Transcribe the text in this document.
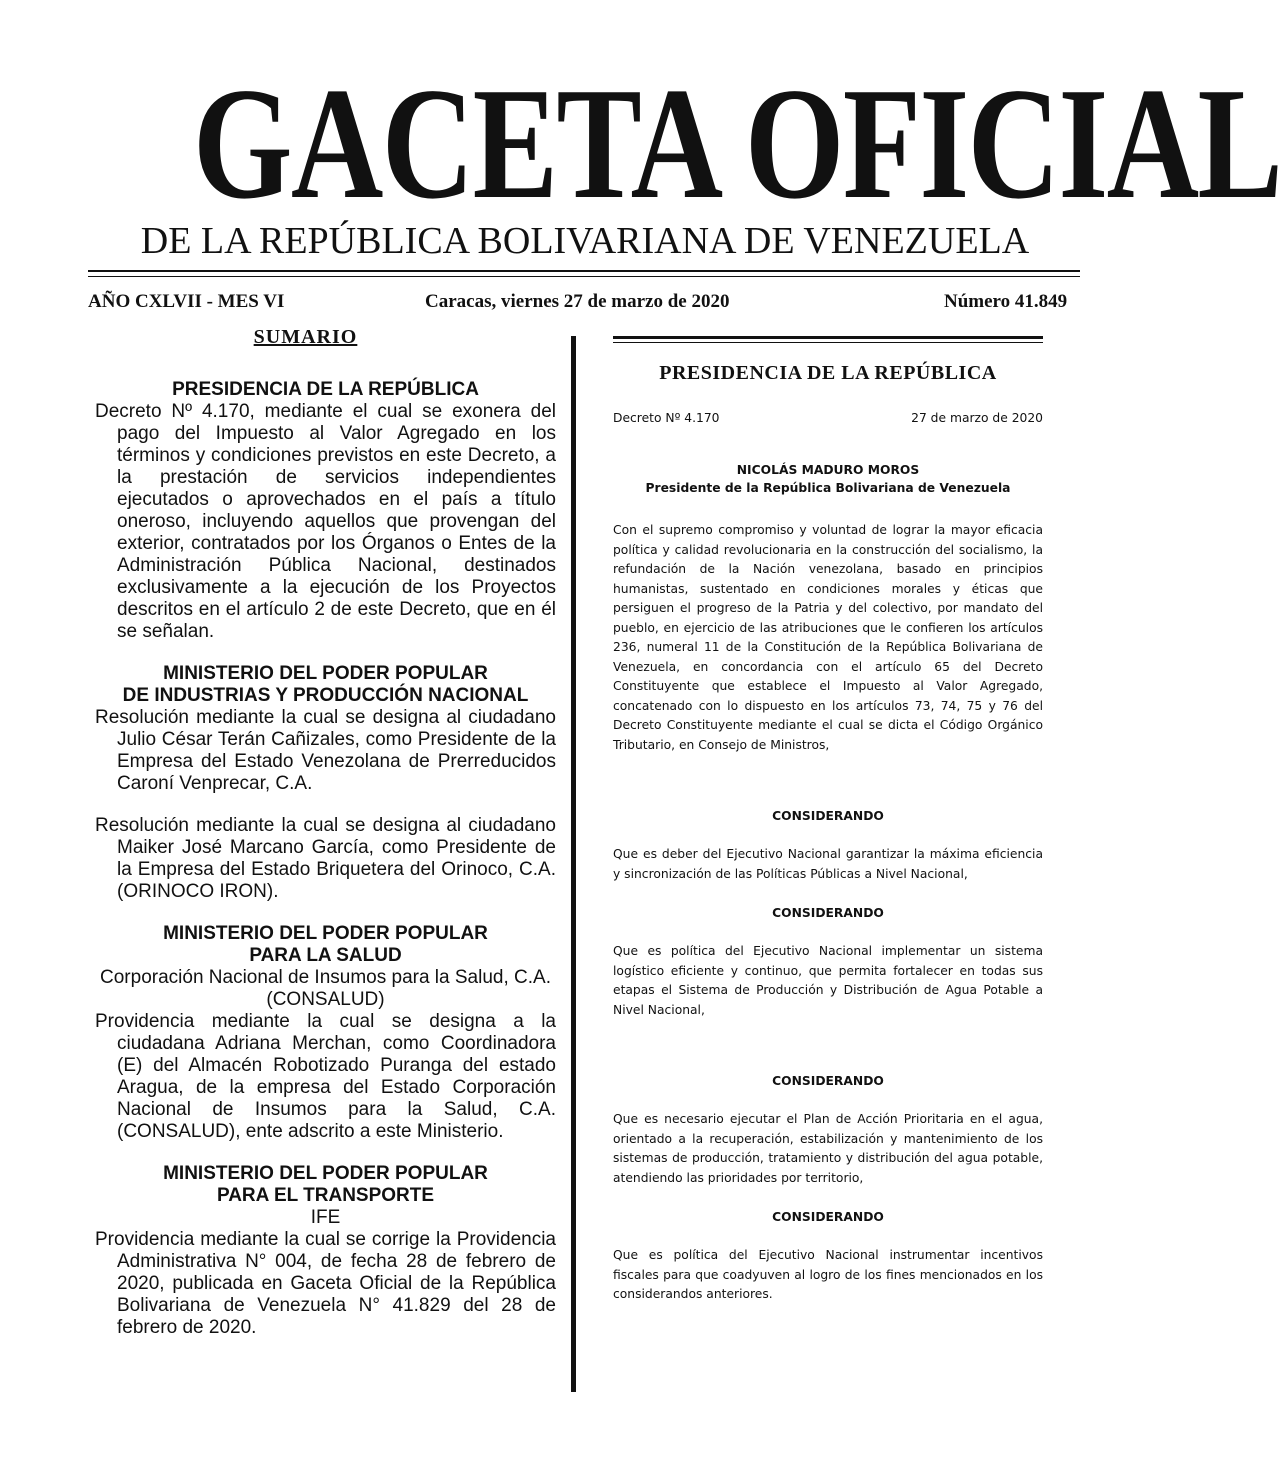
GACETA OFICIAL
DE LA REPÚBLICA BOLIVARIANA DE VENEZUELA
AÑO CXLVII - MES VI	Caracas, viernes 27 de marzo de 2020	Número 41.849
SUMARIO
PRESIDENCIA DE LA REPÚBLICA
Decreto Nº 4.170, mediante el cual se exonera del pago del Impuesto al Valor Agregado en los términos y condiciones previstos en este Decreto, a la prestación de servicios independientes ejecutados o aprovechados en el país a título oneroso, incluyendo aquellos que provengan del exterior, contratados por los Órganos o Entes de la Administración Pública Nacional, destinados exclusivamente a la ejecución de los Proyectos descritos en el artículo 2 de este Decreto, que en él se señalan.
MINISTERIO DEL PODER POPULAR
DE INDUSTRIAS Y PRODUCCIÓN NACIONAL
Resolución mediante la cual se designa al ciudadano Julio César Terán Cañizales, como Presidente de la Empresa del Estado Venezolana de Prerreducidos Caroní Venprecar, C.A.
Resolución mediante la cual se designa al ciudadano Maiker José Marcano García, como Presidente de la Empresa del Estado Briquetera del Orinoco, C.A. (ORINOCO IRON).
MINISTERIO DEL PODER POPULAR
PARA LA SALUD
Corporación Nacional de Insumos para la Salud, C.A.
(CONSALUD)
Providencia mediante la cual se designa a la ciudadana Adriana Merchan, como Coordinadora (E) del Almacén Robotizado Puranga del estado Aragua, de la empresa del Estado Corporación Nacional de Insumos para la Salud, C.A. (CONSALUD), ente adscrito a este Ministerio.
MINISTERIO DEL PODER POPULAR
PARA EL TRANSPORTE
IFE
Providencia mediante la cual se corrige la Providencia Administrativa N° 004, de fecha 28 de febrero de 2020, publicada en Gaceta Oficial de la República Bolivariana de Venezuela N° 41.829 del 28 de febrero de 2020.
PRESIDENCIA DE LA REPÚBLICA
Decreto Nº 4.170	27 de marzo de 2020
NICOLÁS MADURO MOROS
Presidente de la República Bolivariana de Venezuela
Con el supremo compromiso y voluntad de lograr la mayor eficacia política y calidad revolucionaria en la construcción del socialismo, la refundación de la Nación venezolana, basado en principios humanistas, sustentado en condiciones morales y éticas que persiguen el progreso de la Patria y del colectivo, por mandato del pueblo, en ejercicio de las atribuciones que le confieren los artículos 236, numeral 11 de la Constitución de la República Bolivariana de Venezuela, en concordancia con el artículo 65 del Decreto Constituyente que establece el Impuesto al Valor Agregado, concatenado con lo dispuesto en los artículos 73, 74, 75 y 76 del Decreto Constituyente mediante el cual se dicta el Código Orgánico Tributario, en Consejo de Ministros,
CONSIDERANDO
Que es deber del Ejecutivo Nacional garantizar la máxima eficiencia y sincronización de las Políticas Públicas a Nivel Nacional,
CONSIDERANDO
Que es política del Ejecutivo Nacional implementar un sistema logístico eficiente y continuo, que permita fortalecer en todas sus etapas el Sistema de Producción y Distribución de Agua Potable a Nivel Nacional,
CONSIDERANDO
Que es necesario ejecutar el Plan de Acción Prioritaria en el agua, orientado a la recuperación, estabilización y mantenimiento de los sistemas de producción, tratamiento y distribución del agua potable, atendiendo las prioridades por territorio,
CONSIDERANDO
Que es política del Ejecutivo Nacional instrumentar incentivos fiscales para que coadyuven al logro de los fines mencionados en los considerandos anteriores.
